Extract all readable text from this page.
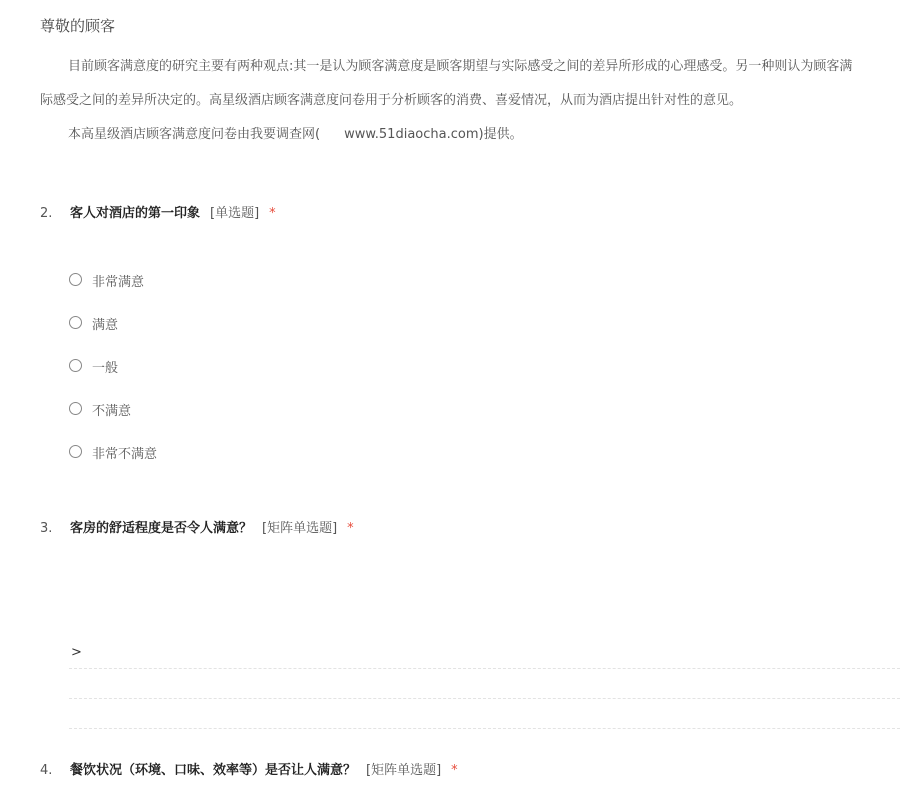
尊敬的顾客

目前顾客满意度的研究主要有两种观点:其一是认为顾客满意度是顾客期望与实际感受之间的差异所形成的心理感受。另一种则认为顾客满

际感受之间的差异所决定的。高星级酒店顾客满意度问卷用于分析顾客的消费、喜爱情况，从而为酒店提出针对性的意见。

本高星级酒店顾客满意度问卷由我要调查网( www.51diaocha.com)提供。

2. 客人对酒店的第一印象 [单选题] *
非常满意
满意
一般
不满意
非常不满意
3. 客房的舒适程度是否令人满意？ [矩阵单选题] *
>
4. 餐饮状况（环境、口味、效率等）是否让人满意？ [矩阵单选题] *
